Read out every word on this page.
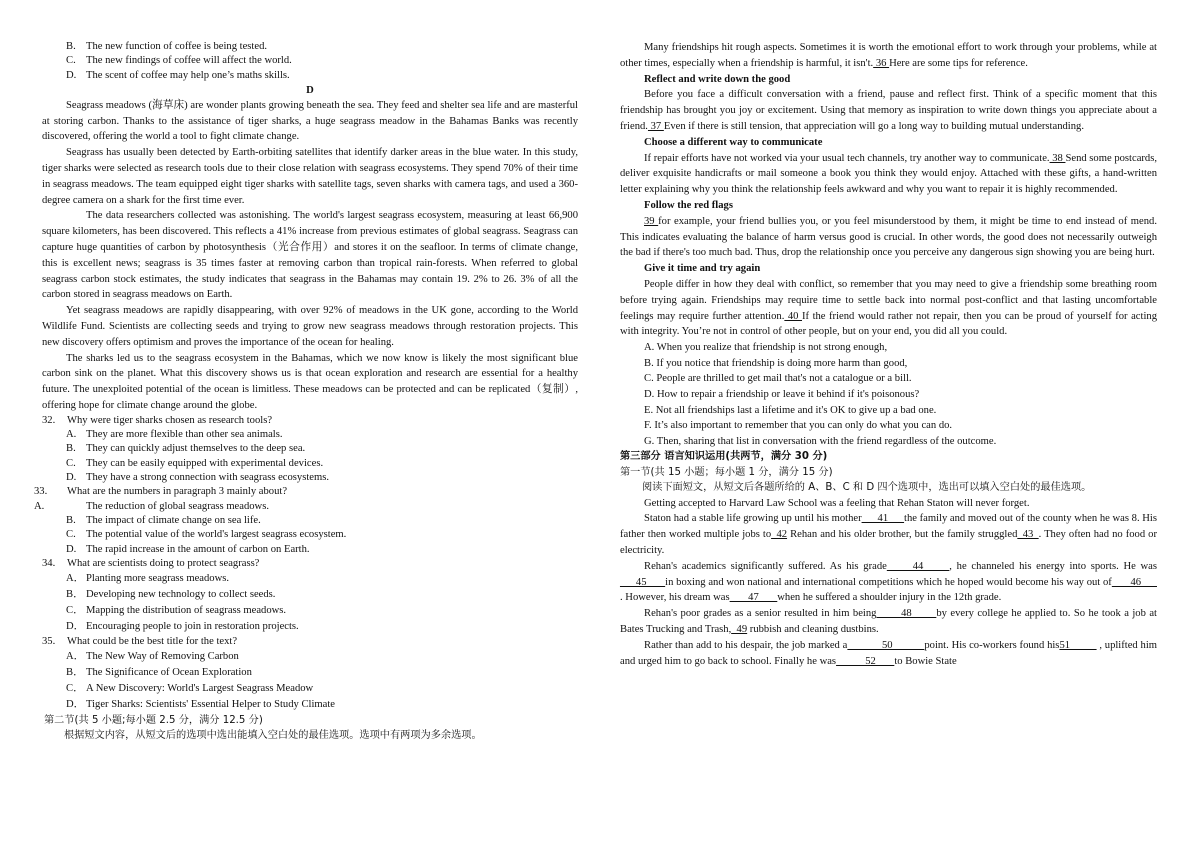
B. The new function of coffee is being tested.

C. The new findings of coffee will affect the world.

D. The scent of coffee may help one’s maths skills.

D

Seagrass meadows (海草床) are wonder plants growing beneath the sea. They feed and shelter sea life and are masterful at storing carbon. Thanks to the assistance of tiger sharks, a huge seagrass meadow in the Bahamas Banks was recently discovered, offering the world a tool to fight climate change.

Seagrass has usually been detected by Earth-orbiting satellites that identify darker areas in the blue water. In this study, tiger sharks were selected as research tools due to their close relation with seagrass ecosystems. They spend 70% of their time in seagrass meadows. The team equipped eight tiger sharks with satellite tags, seven sharks with camera tags, and used a 360-degree camera on a shark for the first time ever.

The data researchers collected was astonishing. The world's largest seagrass ecosystem, measuring at least 66,900 square kilometers, has been discovered. This reflects a 41% increase from previous estimates of global seagrass. Seagrass can capture huge quantities of carbon by photosynthesis（光合作用）and stores it on the seafloor. In terms of climate change, this is excellent news; seagrass is 35 times faster at removing carbon than tropical rain-forests. When referred to global seagrass carbon stock estimates, the study indicates that seagrass in the Bahamas may contain 19. 2% to 26. 3% of all the carbon stored in seagrass meadows on Earth.

Yet seagrass meadows are rapidly disappearing, with over 92% of meadows in the UK gone, according to the World Wildlife Fund. Scientists are collecting seeds and trying to grow new seagrass meadows through restoration projects. This new discovery offers optimism and proves the importance of the ocean for healing.

The sharks led us to the seagrass ecosystem in the Bahamas, which we now know is likely the most significant blue carbon sink on the planet. What this discovery shows us is that ocean exploration and research are essential for a healthy future. The unexploited potential of the ocean is limitless. These meadows can be protected and can be replicated（复制）, offering hope for climate change around the globe.

32. Why were tiger sharks chosen as research tools?

A. They are more flexible than other sea animals.

B. They can quickly adjust themselves to the deep sea.

C. They can be easily equipped with experimental devices.

D. They have a strong connection with seagrass ecosystems.

33. What are the numbers in paragraph 3 mainly about?

A.	The reduction of global seagrass meadows.

B. The impact of climate change on sea life.

C. The potential value of the world's largest seagrass ecosystem.

D. The rapid increase in the amount of carbon on Earth.

34. What are scientists doing to protect seagrass?

A． Planting more seagrass meadows.

B． Developing new technology to collect seeds.

C． Mapping the distribution of seagrass meadows.

D． Encouraging people to join in restoration projects.

35. What could be the best title for the text?

A． The New Way of Removing Carbon

B． The Significance of Ocean Exploration

C． A New Discovery: World's Largest Seagrass Meadow

D． Tiger Sharks: Scientists' Essential Helper to Study Climate

第二节(共 5 小题;每小题 2.5 分，满分 12.5 分)

根据短文内容，从短文后的选项中选出能填入空白处的最佳选项。选项中有两项为多余选项。

Many friendships hit rough aspects. Sometimes it is worth the emotional effort to work through your problems, while at other times, especially when a friendship is harmful, it isn't. 36 Here are some tips for reference.

Reflect and write down the good

Before you face a difficult conversation with a friend, pause and reflect first. Think of a specific moment that this friendship has brought you joy or excitement. Using that memory as inspiration to write down things you appreciate about a friend. 37 Even if there is still tension, that appreciation will go a long way to building mutual understanding.

Choose a different way to communicate

If repair efforts have not worked via your usual tech channels, try another way to communicate. 38 Send some postcards, deliver exquisite handicrafts or mail someone a book you think they would enjoy. Attached with these gifts, a hand-written letter explaining why you think the relationship feels awkward and why you want to repair it is highly recommended.

Follow the red flags

39 for example, your friend bullies you, or you feel misunderstood by them, it might be time to end instead of mend. This indicates evaluating the balance of harm versus good is crucial. In other words, the good does not necessarily outweigh the bad if there's too much bad. Thus, drop the relationship once you perceive any dangerous sign showing you are being hurt.

Give it time and try again

People differ in how they deal with conflict, so remember that you may need to give a friendship some breathing room before trying again. Friendships may require time to settle back into normal post-conflict and that lasting uncomfortable feelings may require further attention. 40 If the friend would rather not repair, then you can be proud of yourself for acting with integrity. You’re not in control of other people, but on your end, you did all you could.

A. When you realize that friendship is not strong enough,

B. If you notice that friendship is doing more harm than good,

C. People are thrilled to get mail that's not a catalogue or a bill.

D. How to repair a friendship or leave it behind if it's poisonous?

E. Not all friendships last a lifetime and it's OK to give up a bad one.

F. It’s also important to remember that you can only do what you can do.

G. Then, sharing that list in conversation with the friend regardless of the outcome.

第三部分 语言知识运用(共两节，满分 30 分)

第一节(共 15 小题；每小题 1 分，满分 15 分)

阅读下面短文，从短文后各题所给的 A、B、C 和 D 四个选项中，选出可以填入空白处的最佳选项。

Getting accepted to Harvard Law School was a feeling that Rehan Staton will never forget.

Staton had a stable life growing up until his mother___41___the family and moved out of the county when he was 8. His father then worked multiple jobs to_42 Rehan and his older brother, but the family struggled_43_. They often had no food or electricity.

Rehan's academics significantly suffered. As his grade ____44____ , he channeled his energy into sports. He was ___45___ in boxing and won national and international competitions which he hoped would become his way out of ___46___ . However, his dream was ___47___ when he suffered a shoulder injury in the 12th grade.

Rehan's poor grades as a senior resulted in him being ____48____ by every college he applied to. So he took a job at Bates Trucking and Trash,_49 rubbish and cleaning dustbins.

Rather than add to his despair, the job marked a ______50______point. His co-workers found his51_____ , uplifted him and urged him to go back to school. Finally he was _____52___ to Bowie State
